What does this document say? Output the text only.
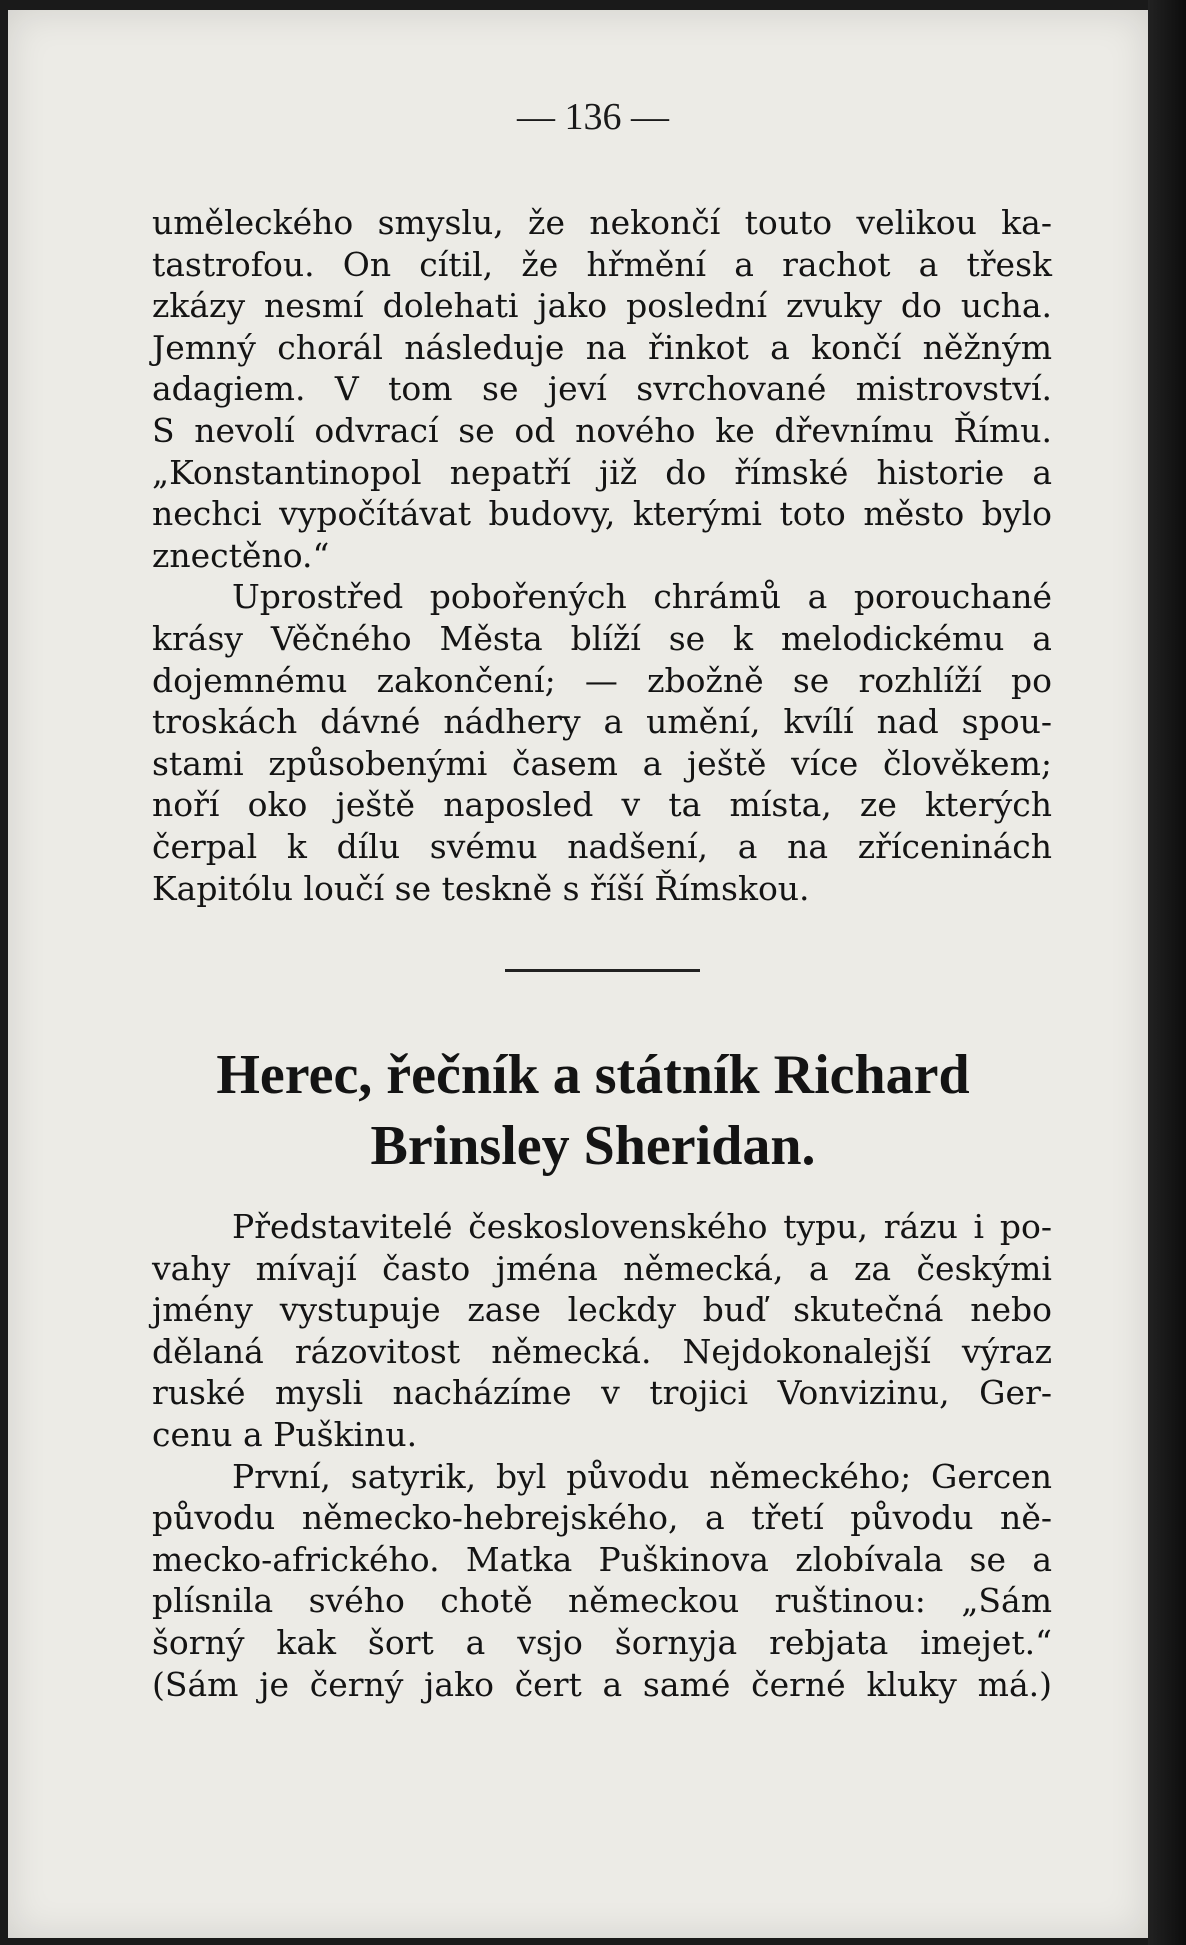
— 136 —
uměleckého smyslu, že nekončí touto velikou ka-
tastrofou. On cítil, že hřmění a rachot a třesk
zkázy nesmí dolehati jako poslední zvuky do ucha.
Jemný chorál následuje na řinkot a končí něžným
adagiem. V tom se jeví svrchované mistrovství.
S nevolí odvrací se od nového ke dřevnímu Římu.
„Konstantinopol nepatří již do římské historie a
nechci vypočítávat budovy, kterými toto město bylo
znectěno.“
Uprostřed pobořených chrámů a porouchané
krásy Věčného Města blíží se k melodickému a
dojemnému zakončení; — zbožně se rozhlíží po
troskách dávné nádhery a umění, kvílí nad spou-
stami způsobenými časem a ještě více člověkem;
noří oko ještě naposled v ta místa, ze kterých
čerpal k dílu svému nadšení, a na zříceninách
Kapitólu loučí se teskně s říší Římskou.
Herec, řečník a státník Richard
Brinsley Sheridan.
Představitelé československého typu, rázu i po-
vahy mívají často jména německá, a za českými
jmény vystupuje zase leckdy buď skutečná nebo
dělaná rázovitost německá. Nejdokonalejší výraz
ruské mysli nacházíme v trojici Vonvizinu, Ger-
cenu a Puškinu.
První, satyrik, byl původu německého; Gercen
původu německo-hebrejského, a třetí původu ně-
mecko-afrického. Matka Puškinova zlobívala se a
plísnila svého chotě německou ruštinou: „Sám
šorný kak šort a vsjo šornyja rebjata imejet.“
(Sám je černý jako čert a samé černé kluky má.)
